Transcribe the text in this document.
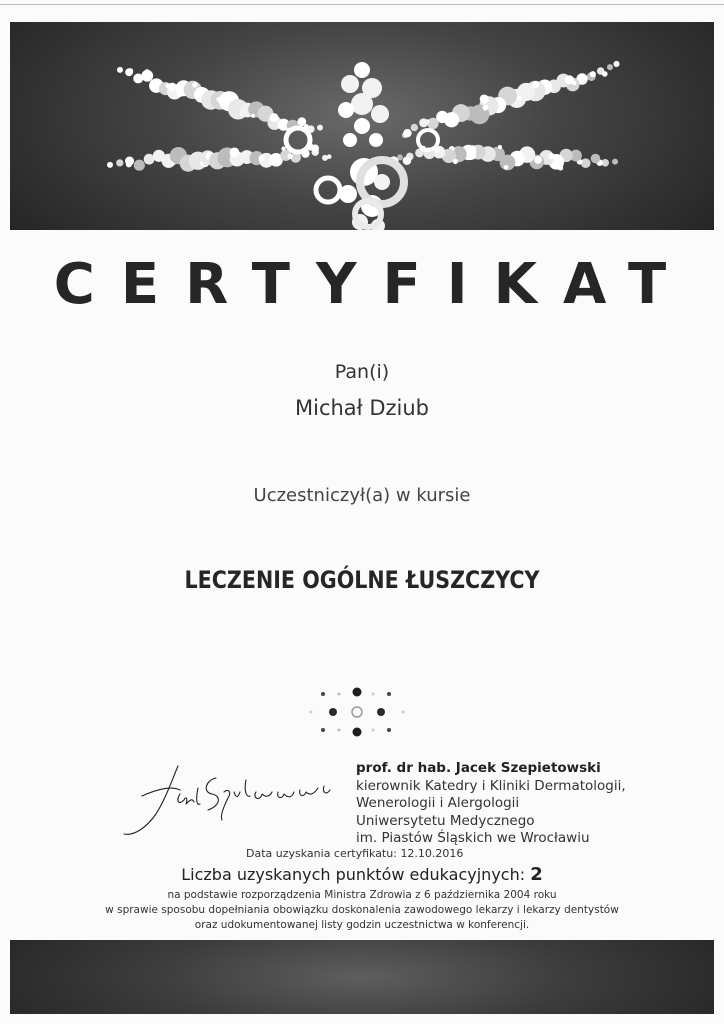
CERTYFIKAT
Pan(i)
Michał Dziub
Uczestniczył(a) w kursie
LECZENIE OGÓLNE ŁUSZCZYCY
prof. dr hab. Jacek Szepietowski
kierownik Katedry i Kliniki Dermatologii,
Wenerologii i Alergologii
Uniwersytetu Medycznego
im. Piastów Śląskich we Wrocławiu
Data uzyskania certyfikatu: 12.10.2016
Liczba uzyskanych punktów edukacyjnych: 2
na podstawie rozporządzenia Ministra Zdrowia z 6 października 2004 roku
w sprawie sposobu dopełniania obowiązku doskonalenia zawodowego lekarzy i lekarzy dentystów
oraz udokumentowanej listy godzin uczestnictwa w konferencji.
